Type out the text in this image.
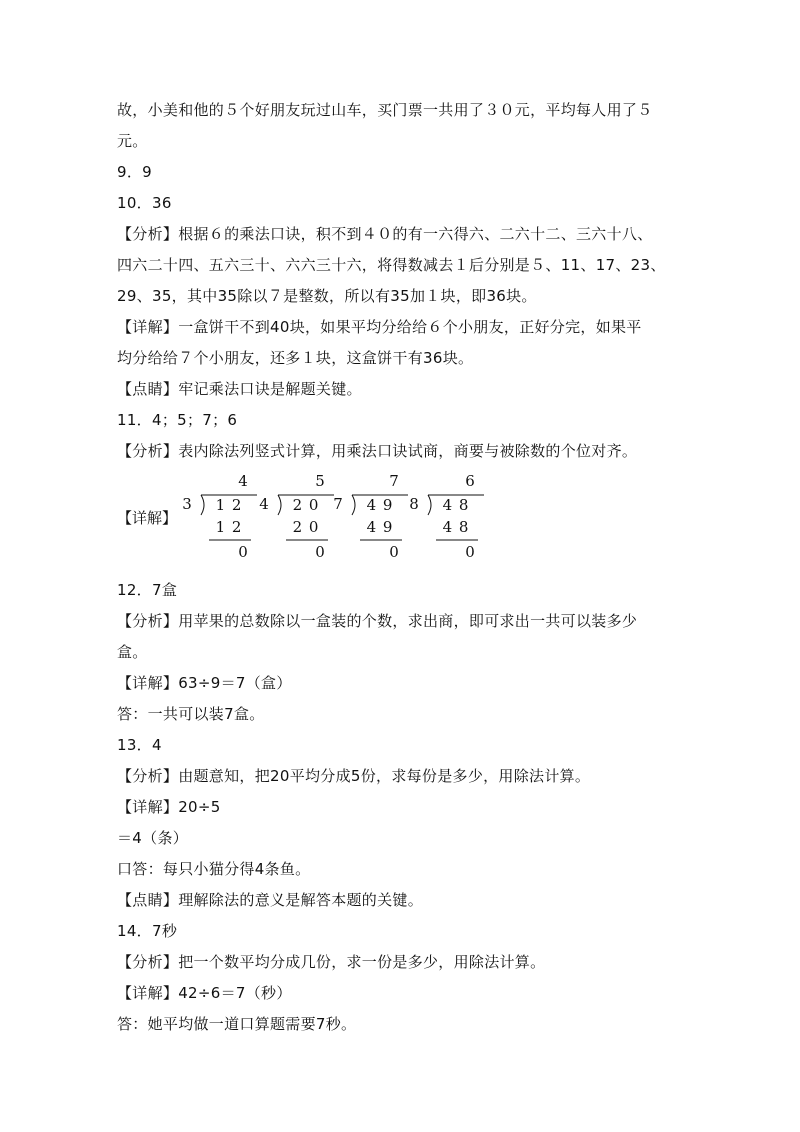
故，小美和他的５个好朋友玩过山车，买门票一共用了３０元，平均每人用了５
元。
9．9
10．36
【分析】根据６的乘法口诀，积不到４０的有一六得六、二六十二、三六十八、
四六二十四、五六三十、六六三十六，将得数减去１后分别是５、11、17、23、
29、35，其中35除以７是整数，所以有35加１块，即36块。
【详解】一盒饼干不到40块，如果平均分给给６个小朋友，正好分完，如果平
均分给给７个小朋友，还多１块，这盒饼干有36块。
【点睛】牢记乘法口诀是解题关键。
11．4；5；7；6
【分析】表内除法列竖式计算，用乘法口诀试商，商要与被除数的个位对齐。
【详解】
3
4
1 2
1 2
0
4
5
2 0
2 0
0
7
7
4 9
4 9
0
8
6
4 8
4 8
0
12．7盒
【分析】用苹果的总数除以一盒装的个数，求出商，即可求出一共可以装多少
盒。
【详解】63÷9＝7（盒）
答：一共可以装7盒。
13．4
【分析】由题意知，把20平均分成5份，求每份是多少，用除法计算。
【详解】20÷5
＝4（条）
口答：每只小猫分得4条鱼。
【点睛】理解除法的意义是解答本题的关键。
14．7秒
【分析】把一个数平均分成几份，求一份是多少，用除法计算。
【详解】42÷6＝7（秒）
答：她平均做一道口算题需要7秒。
